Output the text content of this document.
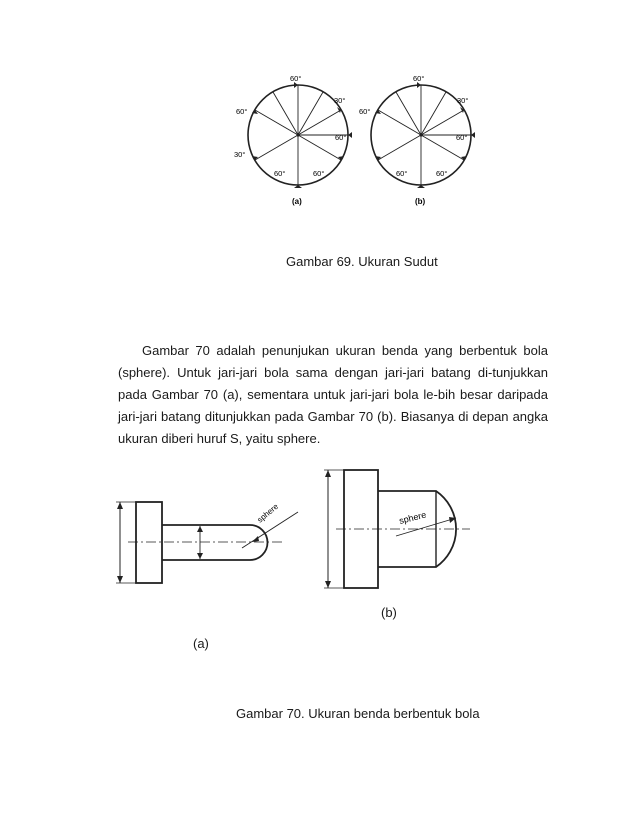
60°
30°
60°
60°
30°
60°	60°
(a)
60°
30°
60°
60°
60°	60°
(b)
Gambar 69. Ukuran Sudut

Gambar 70 adalah penunjukan ukuran benda yang berbentuk bola (sphere). Untuk jari-jari bola sama dengan jari-jari batang di-tunjukkan pada Gambar 70 (a), sementara untuk jari-jari bola le-bih besar daripada jari-jari batang ditunjukkan pada Gambar 70 (b). Biasanya di depan angka ukuran diberi huruf S, yaitu sphere.

sphere	sphere
(b)
(a)
Gambar 70. Ukuran benda berbentuk bola
